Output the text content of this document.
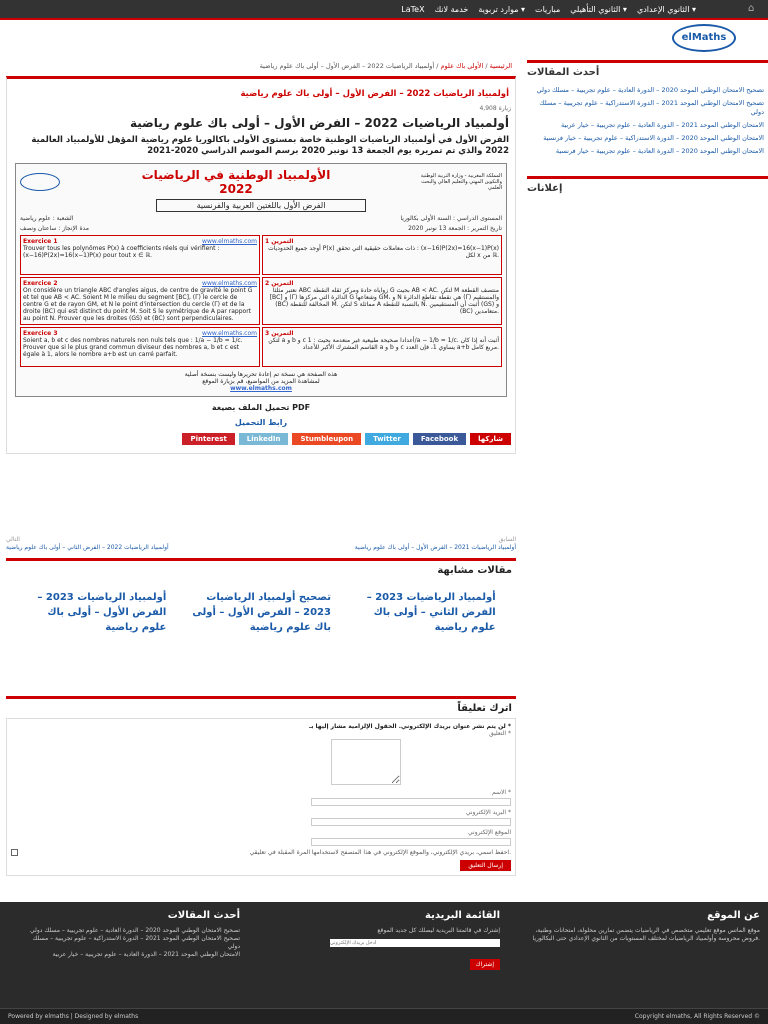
⌂
الثانوي الإعدادي ▾
الثانوي التأهيلي ▾
مباريات
موارد تربوية ▾
خدمة لانك
LaTeX
elMaths
أحدث المقالات
تصحيح الامتحان الوطني الموحد 2020 – الدورة العادية – علوم تجريبية – مسلك دولي
تصحيح الامتحان الوطني الموحد 2021 – الدورة الاستدراكية – علوم تجريبية – مسلك دولي
الامتحان الوطني الموحد 2021 – الدورة العادية – علوم تجريبية – خيار عربية
الامتحان الوطني الموحد 2020 – الدورة الاستدراكية – علوم تجريبية – خيار فرنسية
الامتحان الوطني الموحد 2020 – الدورة العادية – علوم تجريبية – خيار فرنسية
إعلانات
الرئيسية / الأولى باك علوم / أولمبياد الرياضيات 2022 – الفرض الأول – أولى باك علوم رياضية
أولمبياد الرياضيات 2022 – الفرض الأول – أولى باك علوم رياضية
4,908 زيارة
أولمبياد الرياضيات 2022 – الفرض الأول – أولى باك علوم رياضية
الفرض الأول في أولمبياد الرياضيات الوطنية خاصة بمستوى الأولى باكالوريا علوم رياضية المؤهل للأولمبياد العالمية 2022 والذي تم تمريره يوم الجمعة 13 نونبر 2020 برسم الموسم الدراسي 2020-2021
الأولمبياد الوطنية في الرياضيات
2022
المملكة المغربية - وزارة التربية الوطنية والتكوين المهني والتعليم العالي والبحث العلمي
الفرض الأول باللغتين العربية والفرنسية
الشعبة : علوم رياضية	المستوى الدراسي : السنة الأولى بكالوريا
مدة الإنجاز : ساعتان ونصف	تاريخ التمرير : الجمعة 13 نونبر 2020
Exercice 1	www.elmaths.com
Trouver tous les polynômes P(x) à coefficients réels qui vérifient : (x−16)P(2x)=16(x−1)P(x) pour tout x ∈ ℝ.
التمرين 1
أوجد جميع الحدوديات P(x) ذات معاملات حقيقية التي تحقق : (x−16)P(2x)=16(x−1)P(x) لكل x من ℝ.
Exercice 2	www.elmaths.com
On considère un triangle ABC d'angles aigus, de centre de gravité le point G et tel que AB < AC. Soient M le milieu du segment [BC], (Γ) le cercle de centre G et de rayon GM, et N le point d'intersection du cercle (Γ) et de la droite (BC) qui est distinct du point M. Soit S le symétrique de A par rapport au point N. Prouver que les droites (GS) et (BC) sont perpendiculaires.
التمرين 2
نعتبر مثلثا ABC زواياه حادة ومركز ثقله النقطة G بحيث AB < AC. لتكن M منتصف القطعة [BC] و (Γ) الدائرة التي مركزها G وشعاعها GM، و N هي نقطة تقاطع الدائرة (Γ) والمستقيم (BC) المخالفة للنقطة M. لتكن S مماثلة A بالنسبة للنقطة N. أثبت أن المستقيمين (GS) و (BC) متعامدين.
Exercice 3	www.elmaths.com
Soient a, b et c des nombres naturels non nuls tels que : 1/a − 1/b = 1/c. Prouver que si le plus grand commun diviseur des nombres a, b et c est égale à 1, alors le nombre a+b est un carré parfait.
التمرين 3
لتكن a و b و c أعدادا صحيحة طبيعية غير منعدمة بحيث : 1/a − 1/b = 1/c. أثبت أنه إذا كان القاسم المشترك الأكبر للأعداد a و b و c يساوي 1، فإن العدد a+b مربع كامل.
هذه الصفحة هي نسخة تم إعادة تحريرها وليست بنسخة أصلية
لمشاهدة المزيد من المواضيع، قم بزيارة الموقع
www.elmaths.com
تحميل الملف بصيغة PDF
رابط التحميل
شاركها
Facebook
Twitter
Stumbleupon
LinkedIn
Pinterest
التالي
أولمبياد الرياضيات 2022 – الفرض الثاني – أولى باك علوم رياضية
السابق
أولمبياد الرياضيات 2021 – الفرض الأول – أولى باك علوم رياضية
مقالات مشابهة
أولمبياد الرياضيات 2023 – الفرض الثاني – أولى باك علوم رياضية
تصحيح أولمبياد الرياضيات 2023 – الفرض الأول – أولى باك علوم رياضية
أولمبياد الرياضيات 2023 – الفرض الأول – أولى باك علوم رياضية
اترك تعليقاً

لن يتم نشر عنوان بريدك الإلكتروني. الحقول الإلزامية مشار إليها بـ *

التعليق *
الاسم *
البريد الإلكتروني *
الموقع الإلكتروني
احفظ اسمي، بريدي الإلكتروني، والموقع الإلكتروني في هذا المتصفح لاستخدامها المرة المقبلة في تعليقي.
إرسال التعليق
عن الموقع

موقع الماتس موقع تعليمي متخصص في الرياضيات يتضمن تمارين محلولة، امتحانات وطنية، فروض محروسة وأولمبياد الرياضيات لمختلف المستويات من الثانوي الإعدادي حتى البكالوريا.

القائمة البريدية

إشترك في قائمتنا البريدية ليصلك كل جديد الموقع

أدخل بريدك الإلكتروني إشتراك
أحدث المقالات
تصحيح الامتحان الوطني الموحد 2020 – الدورة العادية – علوم تجريبية – مسلك دولي
تصحيح الامتحان الوطني الموحد 2021 – الدورة الاستدراكية – علوم تجريبية – مسلك دولي
الامتحان الوطني الموحد 2021 – الدورة العادية – علوم تجريبية – خيار عربية
Powered by elmaths | Designed by elmaths	Copyright elmaths, All Rights Reserved ©
